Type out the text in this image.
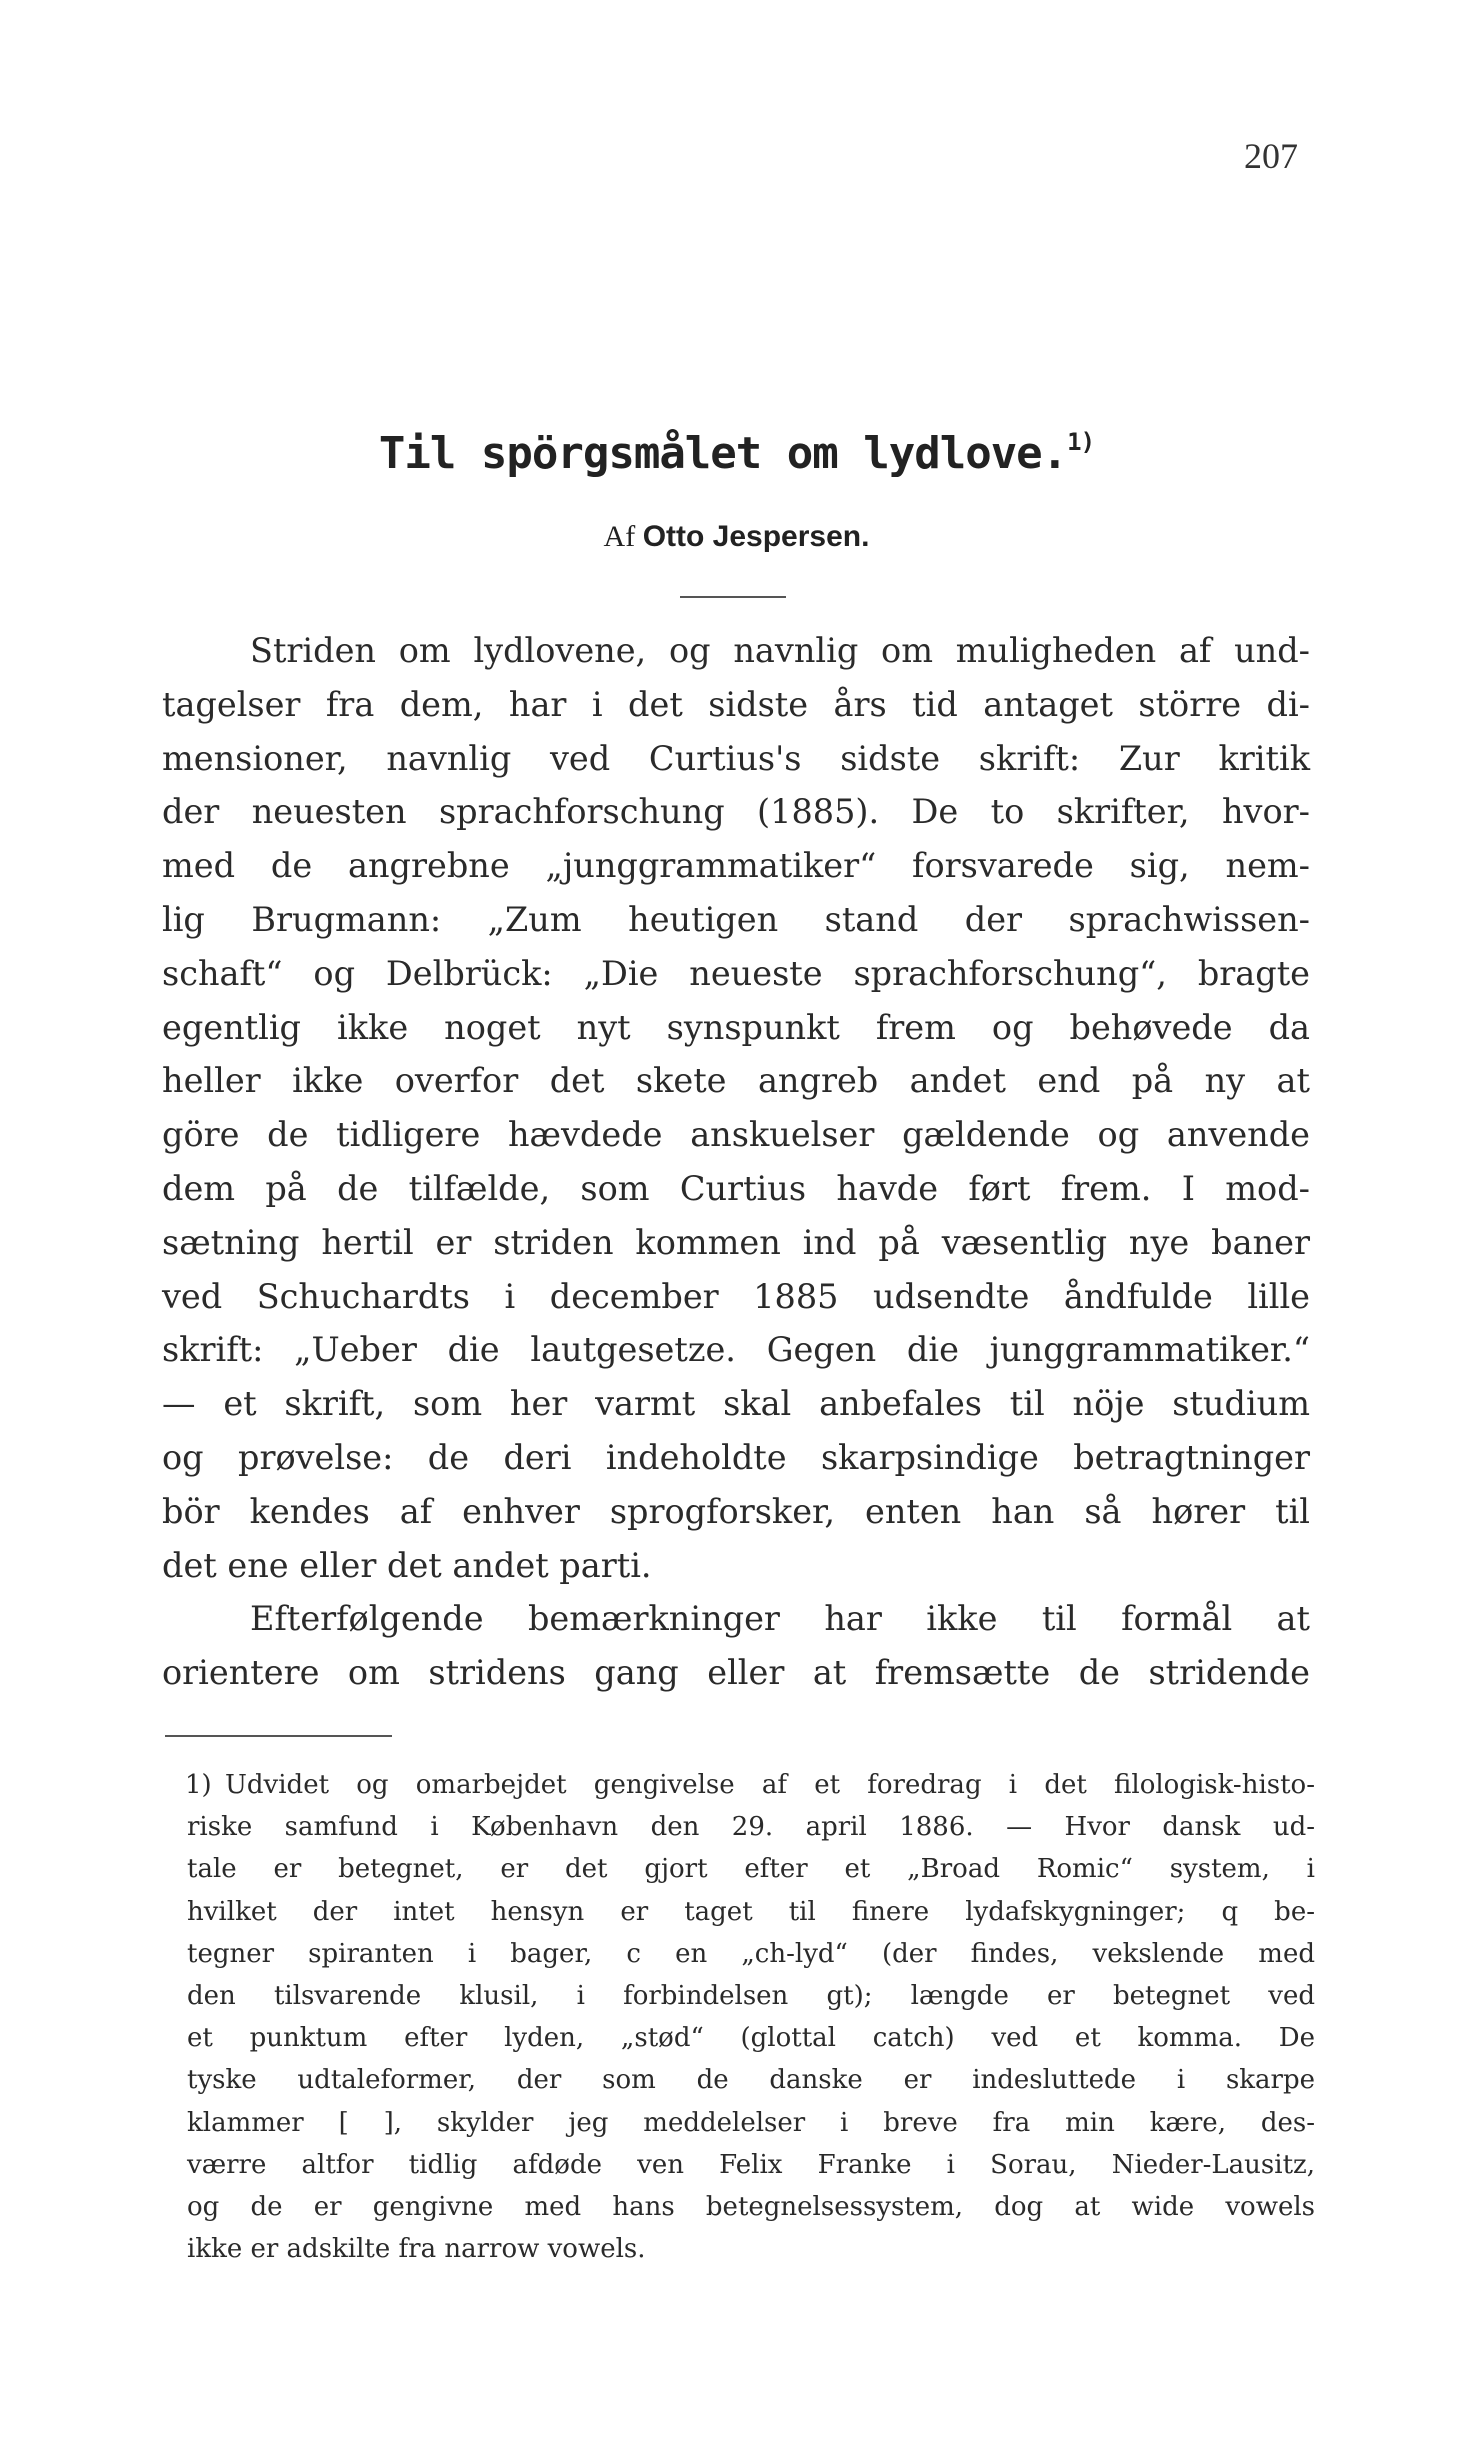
207

Til spörgsmålet om lydlove.$^{1)}$

Af Otto Jespersen.

Striden om lydlovene, og navnlig om muligheden af und-

tagelser fra dem, har i det sidste års tid antaget större di-

mensioner, navnlig ved Curtius's sidste skrift: Zur kritik

der neuesten sprachforschung (1885). De to skrifter, hvor-

med de angrebne „junggrammatiker“ forsvarede sig, nem-

lig Brugmann: „Zum heutigen stand der sprachwissen-

schaft“ og Delbrück: „Die neueste sprachforschung“, bragte

egentlig ikke noget nyt synspunkt frem og behøvede da

heller ikke overfor det skete angreb andet end på ny at

göre de tidligere hævdede anskuelser gældende og anvende

dem på de tilfælde, som Curtius havde ført frem. I mod-

sætning hertil er striden kommen ind på væsentlig nye baner

ved Schuchardts i december 1885 udsendte åndfulde lille

skrift: „Ueber die lautgesetze. Gegen die junggrammatiker.“

— et skrift, som her varmt skal anbefales til nöje studium

og prøvelse: de deri indeholdte skarpsindige betragtninger

bör kendes af enhver sprogforsker, enten han så hører til

det ene eller det andet parti.

Efterfølgende bemærkninger har ikke til formål at

orientere om stridens gang eller at fremsætte de stridende

1) Udvidet og omarbejdet gengivelse af et foredrag i det filologisk-histo-

riske samfund i København den 29. april 1886. — Hvor dansk ud-

tale er betegnet, er det gjort efter et „Broad Romic“ system, i

hvilket der intet hensyn er taget til finere lydafskygninger; q be-

tegner spiranten i bager, c en „ch-lyd“ (der findes, vekslende med

den tilsvarende klusil, i forbindelsen gt); længde er betegnet ved

et punktum efter lyden, „stød“ (glottal catch) ved et komma. De

tyske udtaleformer, der som de danske er indesluttede i skarpe

klammer [ ], skylder jeg meddelelser i breve fra min kære, des-

værre altfor tidlig afdøde ven Felix Franke i Sorau, Nieder-Lausitz,

og de er gengivne med hans betegnelsessystem, dog at wide vowels

ikke er adskilte fra narrow vowels.
